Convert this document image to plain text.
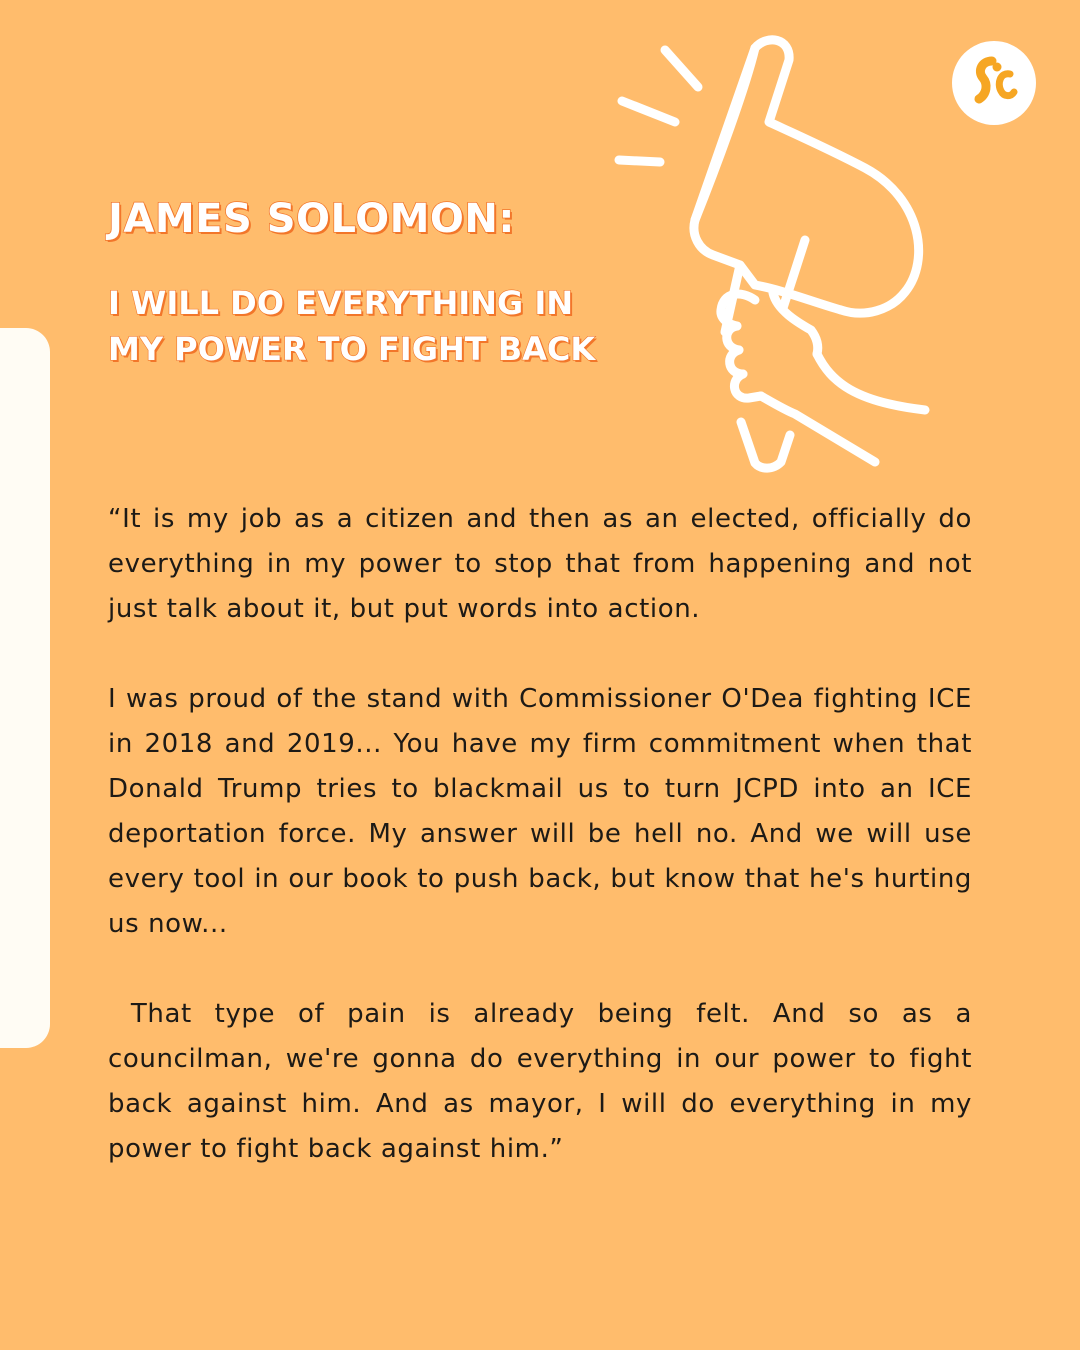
JAMES SOLOMON:
I WILL DO EVERYTHING IN
MY POWER TO FIGHT BACK

“It is my job as a citizen and then as an elected, officially do everything in my power to stop that from happening and not just talk about it, but put words into action.

I was proud of the stand with Commissioner O'Dea fighting ICE in 2018 and 2019... You have my firm commitment when that Donald Trump tries to blackmail us to turn JCPD into an ICE deportation force. My answer will be hell no. And we will use every tool in our book to push back, but know that he's hurting us now...

That type of pain is already being felt. And so as a councilman, we're gonna do everything in our power to fight back against him. And as mayor, I will do everything in my power to fight back against him.”
